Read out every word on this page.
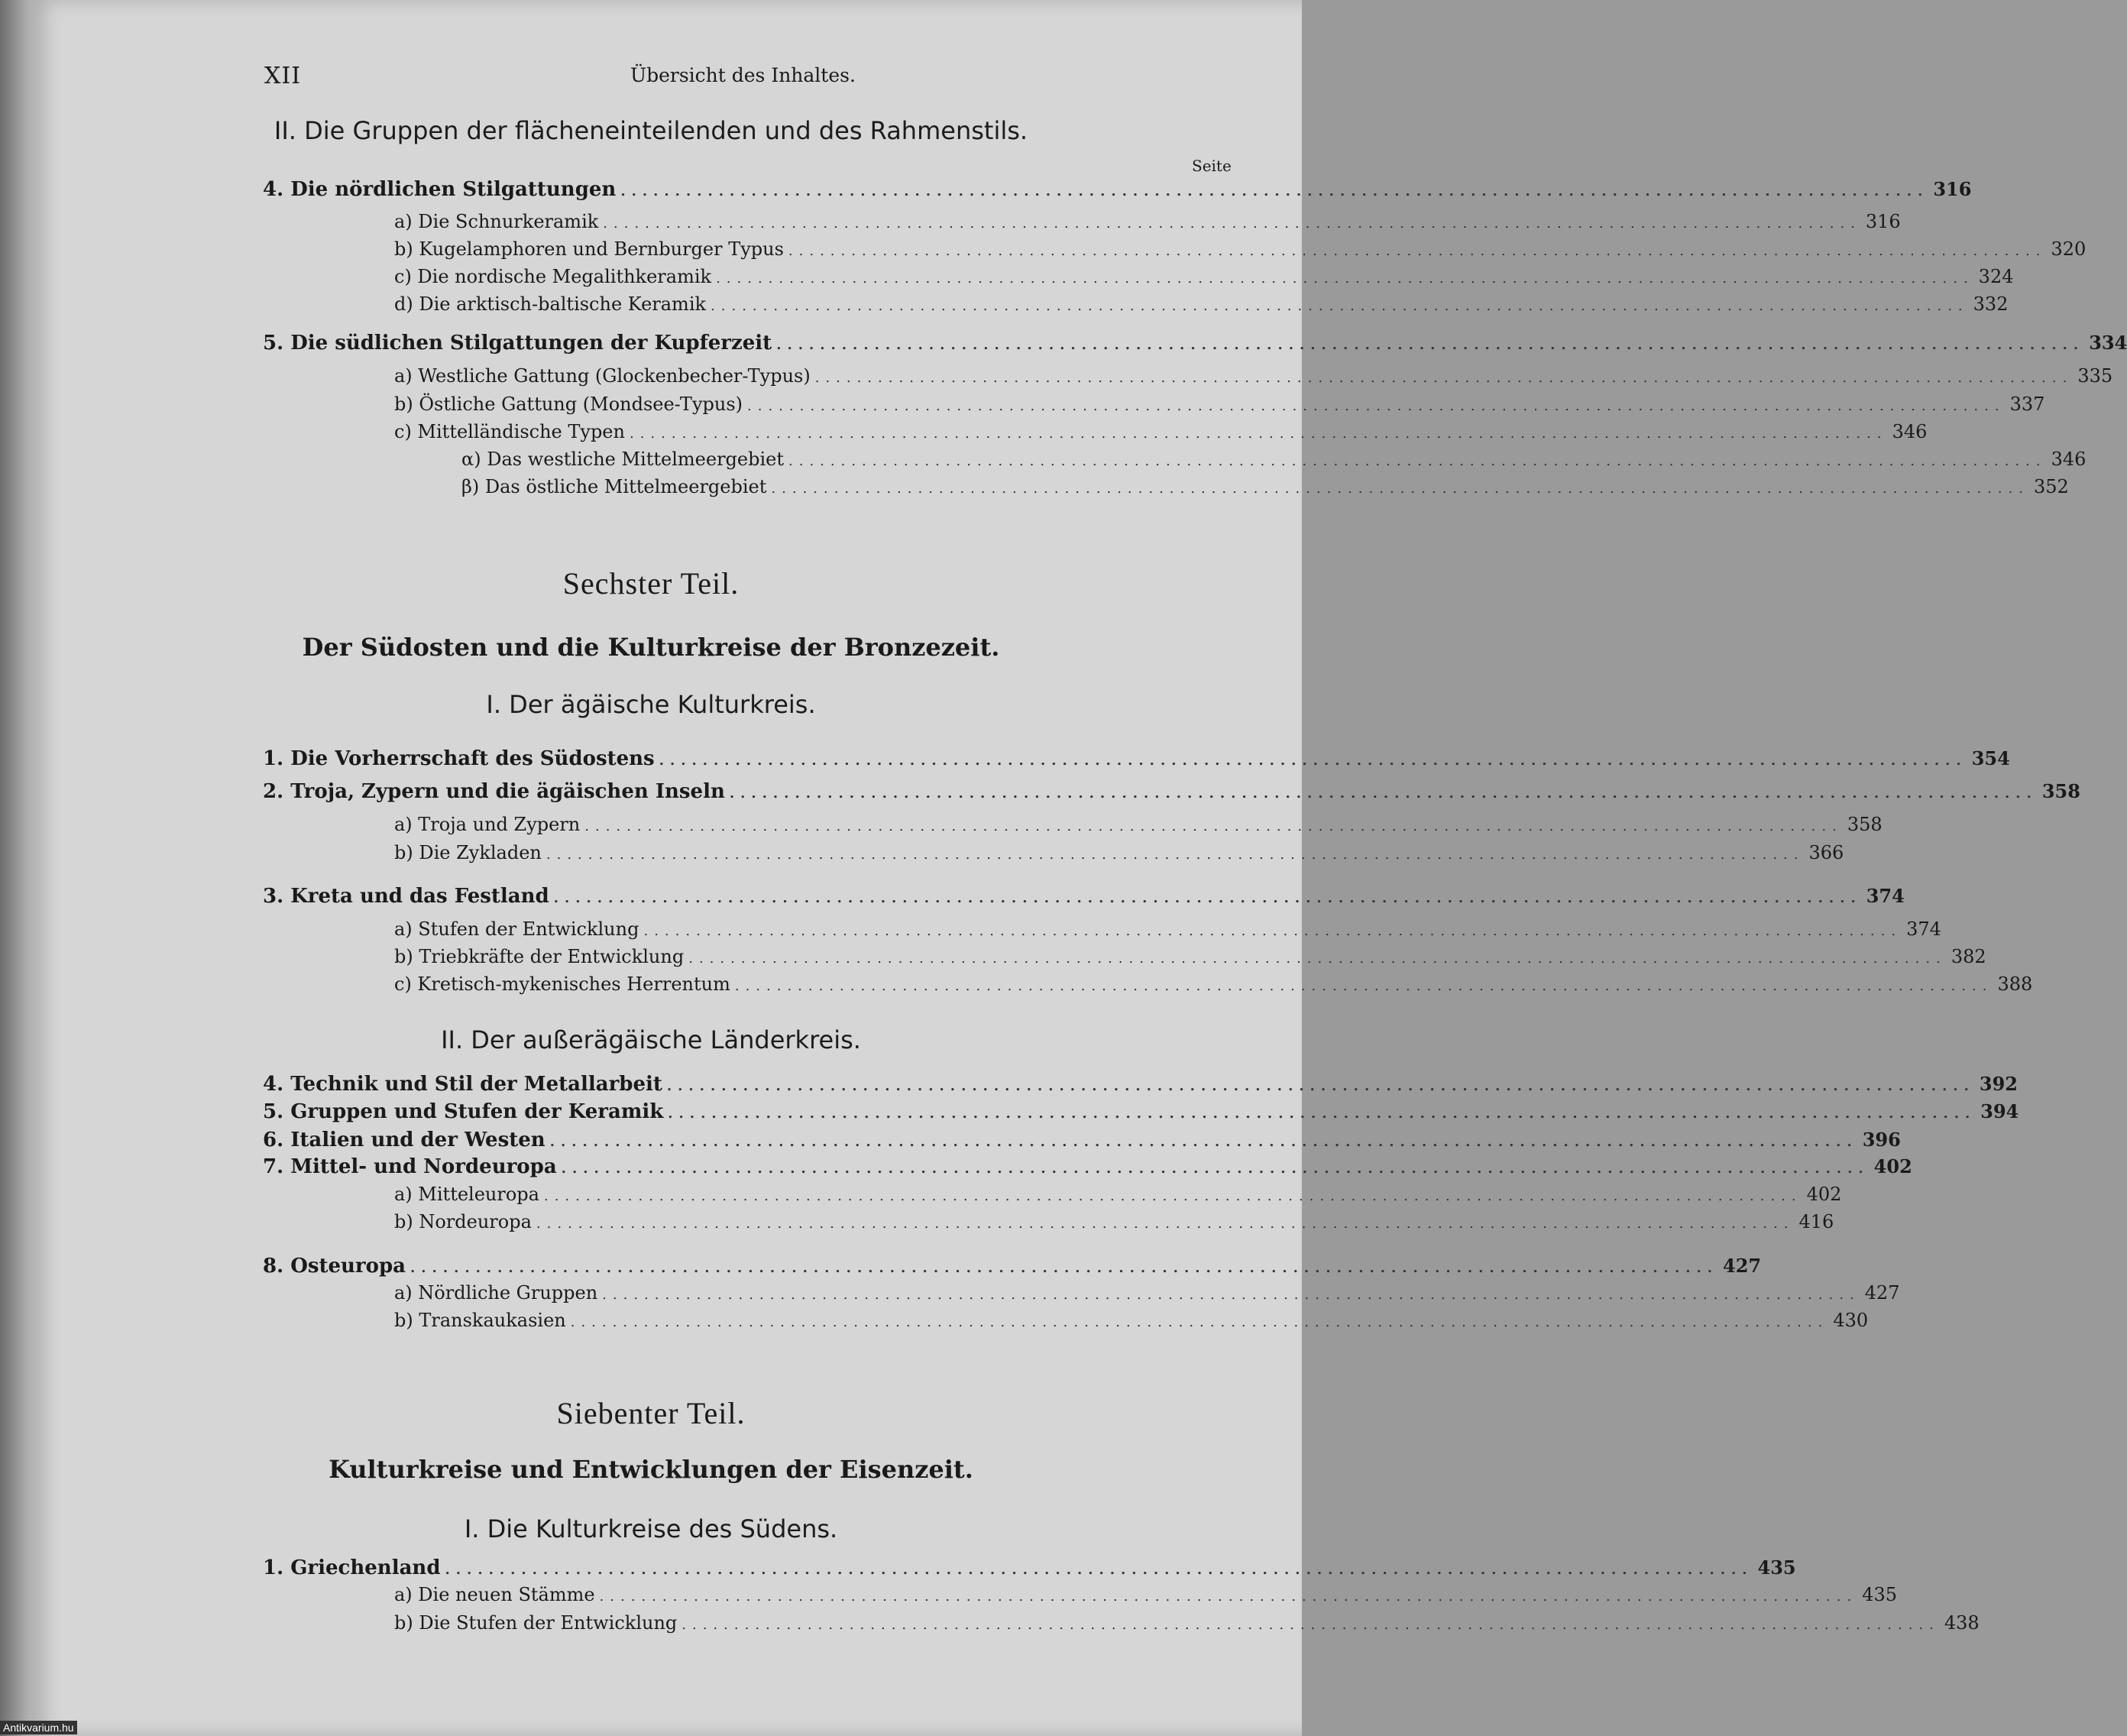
XII	Übersicht des Inhaltes.
II. Die Gruppen der flächeneinteilenden und des Rahmenstils.
Seite
4. Die nördlichen Stilgattungen ........................................................................................................................ 316
a) Die Schnurkeramik ........................................................................................................................ 316
b) Kugelamphoren und Bernburger Typus ........................................................................................................................ 320
c) Die nordische Megalithkeramik ........................................................................................................................ 324
d) Die arktisch-baltische Keramik ........................................................................................................................ 332
5. Die südlichen Stilgattungen der Kupferzeit ........................................................................................................................ 334
a) Westliche Gattung (Glockenbecher-Typus) ........................................................................................................................ 335
b) Östliche Gattung (Mondsee-Typus) ........................................................................................................................ 337
c) Mittelländische Typen ........................................................................................................................ 346
α) Das westliche Mittelmeergebiet ........................................................................................................................ 346
β) Das östliche Mittelmeergebiet ........................................................................................................................ 352
Sechster Teil.
Der Südosten und die Kulturkreise der Bronzezeit.
I. Der ägäische Kulturkreis.
1. Die Vorherrschaft des Südostens ........................................................................................................................ 354
2. Troja, Zypern und die ägäischen Inseln ........................................................................................................................ 358
a) Troja und Zypern ........................................................................................................................ 358
b) Die Zykladen ........................................................................................................................ 366
3. Kreta und das Festland ........................................................................................................................ 374
a) Stufen der Entwicklung ........................................................................................................................ 374
b) Triebkräfte der Entwicklung ........................................................................................................................ 382
c) Kretisch-mykenisches Herrentum ........................................................................................................................ 388
II. Der außerägäische Länderkreis.
4. Technik und Stil der Metallarbeit ........................................................................................................................ 392
5. Gruppen und Stufen der Keramik ........................................................................................................................ 394
6. Italien und der Westen ........................................................................................................................ 396
7. Mittel- und Nordeuropa ........................................................................................................................ 402
a) Mitteleuropa ........................................................................................................................ 402
b) Nordeuropa ........................................................................................................................ 416
8. Osteuropa ........................................................................................................................ 427
a) Nördliche Gruppen ........................................................................................................................ 427
b) Transkaukasien ........................................................................................................................ 430
Siebenter Teil.
Kulturkreise und Entwicklungen der Eisenzeit.
I. Die Kulturkreise des Südens.
1. Griechenland ........................................................................................................................ 435
a) Die neuen Stämme ........................................................................................................................ 435
b) Die Stufen der Entwicklung ........................................................................................................................ 438
Antikvarium.hu
